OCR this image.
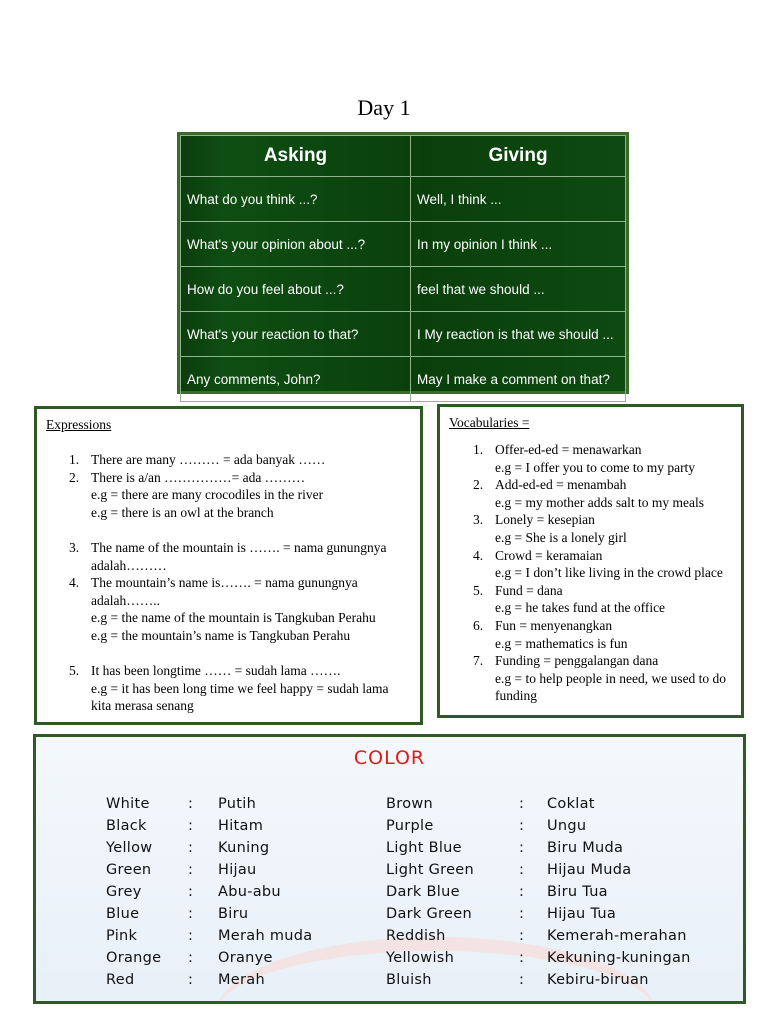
Day 1
Asking	Giving
What do you think ...?	Well, I think ...
What's your opinion about ...?	In my opinion I think ...
How do you feel about ...?	feel that we should ...
What's your reaction to that?	I My reaction is that we should ...
Any comments, John?	May I make a comment on that?
Expressions
1. There are many ……… = ada banyak ……
2. There is a/an ……………= ada ………
e.g = there are many crocodiles in the river
e.g = there is an owl at the branch
3. The name of the mountain is ……. = nama gunungnya adalah………
4. The mountain’s name is……. = nama gunungnya adalah……..
e.g = the name of the mountain is Tangkuban Perahu
e.g = the mountain’s name is Tangkuban Perahu
5. It has been longtime …… = sudah lama …….
e.g = it has been long time we feel happy = sudah lama kita merasa senang
Vocabularies =
1. Offer-ed-ed = menawarkan
e.g = I offer you to come to my party
2. Add-ed-ed = menambah
e.g = my mother adds salt to my meals
3. Lonely = kesepian
e.g = She is a lonely girl
4. Crowd = keramaian
e.g = I don’t like living in the crowd place
5. Fund = dana
e.g = he takes fund at the office
6. Fun = menyenangkan
e.g = mathematics is fun
7. Funding = penggalangan dana
e.g = to help people in need, we used to do funding
COLOR
White	: Putih	Brown	: Coklat
Black	: Hitam	Purple	: Ungu
Yellow : Kuning	Light Blue	: Biru Muda
Green	: Hijau	Light Green	: Hijau Muda
Grey	: Abu-abu	Dark Blue	: Biru Tua
Blue	: Biru	Dark Green	: Hijau Tua
Pink	: Merah muda	Reddish	: Kemerah-merahan
Orange : Oranye	Yellowish	: Kekuning-kuningan
Red	: Merah	Bluish	: Kebiru-biruan
